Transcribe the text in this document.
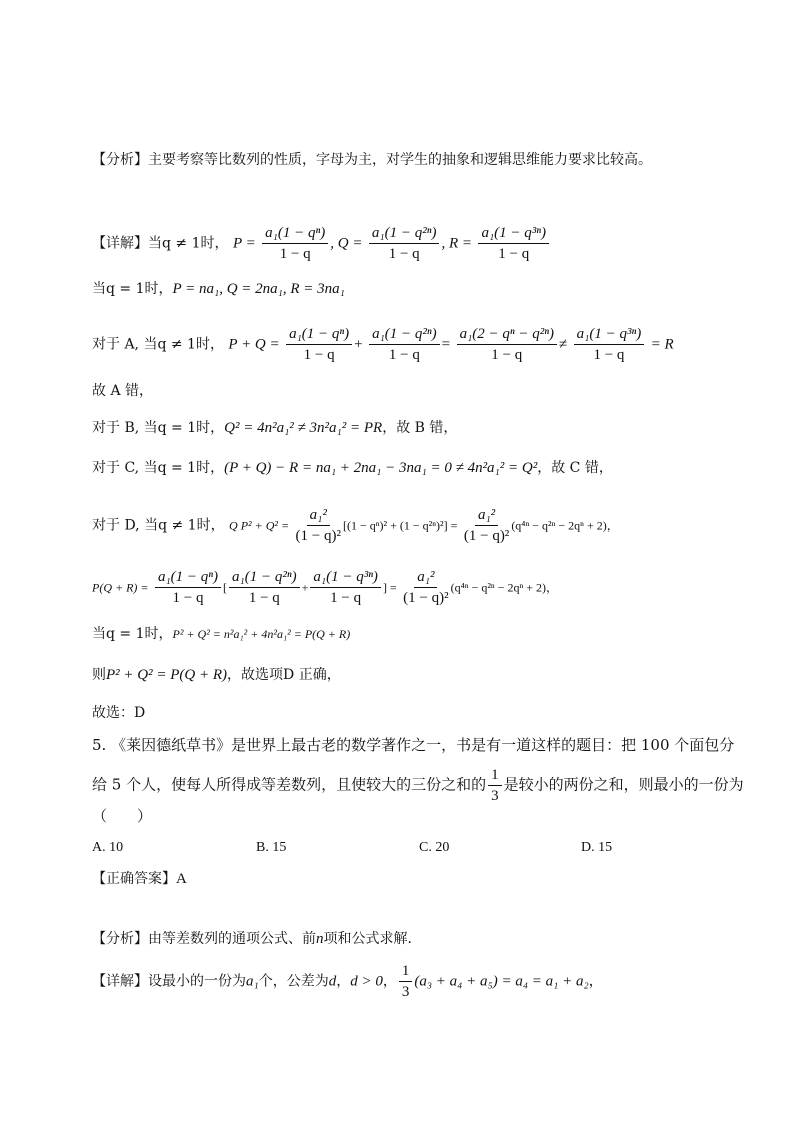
【分析】主要考察等比数列的性质，字母为主，对学生的抽象和逻辑思维能力要求比较高。
【详解】当q ≠ 1时， $P = \frac{\text{a₁(1 − qⁿ)}}{1 - q}$ , $Q = \frac{\text{a₁(1 − q²ⁿ)}}{1 - q}$ , $R = \frac{\text{a₁(1 − q³ⁿ)}}{1 - q}$
当q = 1时，P = na₁, Q = 2na₁, R = 3na₁
对于 A, 当q ≠ 1时， $P + Q = \frac{\text{a₁(1 − qⁿ)}}{1 - q} + \frac{\text{a₁(1 − q²ⁿ)}}{1 - q} = \frac{\text{a₁(2 − qⁿ − q²ⁿ)}}{1 - q} \ne \frac{\text{a₁(1 − q³ⁿ)}}{1 - q} = R$
故 A 错，
对于 B, 当q = 1时，Q² = 4n²a₁² ≠ 3n²a₁² = PR，故 B 错，
对于 C, 当q = 1时，(P + Q) − R = na₁ + 2na₁ − 3na₁ = 0 ≠ 4n²a₁² = Q²，故 C 错，
对于 D, 当q ≠ 1时， Q $P^2 + Q^2 = \frac{\text{a₁²}}{\text{(1 − q)²}} [(1 - q^n)^2 + (1 - q^{2n})^2] = \frac{\text{a₁²}}{\text{(1 − q)²}} (q^{4n} - q^{2n} - 2q^n + 2)$，
$P(Q + R) = \frac{\text{a₁(1 − qⁿ)}}{1 - q}$ [ $\frac{\text{a₁(1 − q²ⁿ)}}{1 - q} + \frac{\text{a₁(1 − q³ⁿ)}}{1 - q}$ ] = $\frac{\text{a₁²}}{\text{(1 − q)²}} (q^{4n} - q^{2n} - 2q^n + 2)$，
当q = 1时，P² + Q² = n²a₁² + 4n²a₁² = P(Q + R)
则P² + Q² = P(Q + R)，故选项D 正确，
故选：D
5. 《莱因德纸草书》是世界上最古老的数学著作之一，书是有一道这样的题目：把 100 个面包分
给 5 个人，使每人所得成等差数列，且使较大的三份之和的 $\frac{1}{3}$ 是较小的两份之和，则最小的一份为
（　　）
A. 10	B. 15	C. 20	D. 15
【正确答案】A
【分析】由等差数列的通项公式、前n项和公式求解．
【详解】设最小的一份为a₁个，公差为d，d > 0， $\frac{1}{3} (a_3 + a_4 + a_5) = a_4 = a_1 + a_2$，
